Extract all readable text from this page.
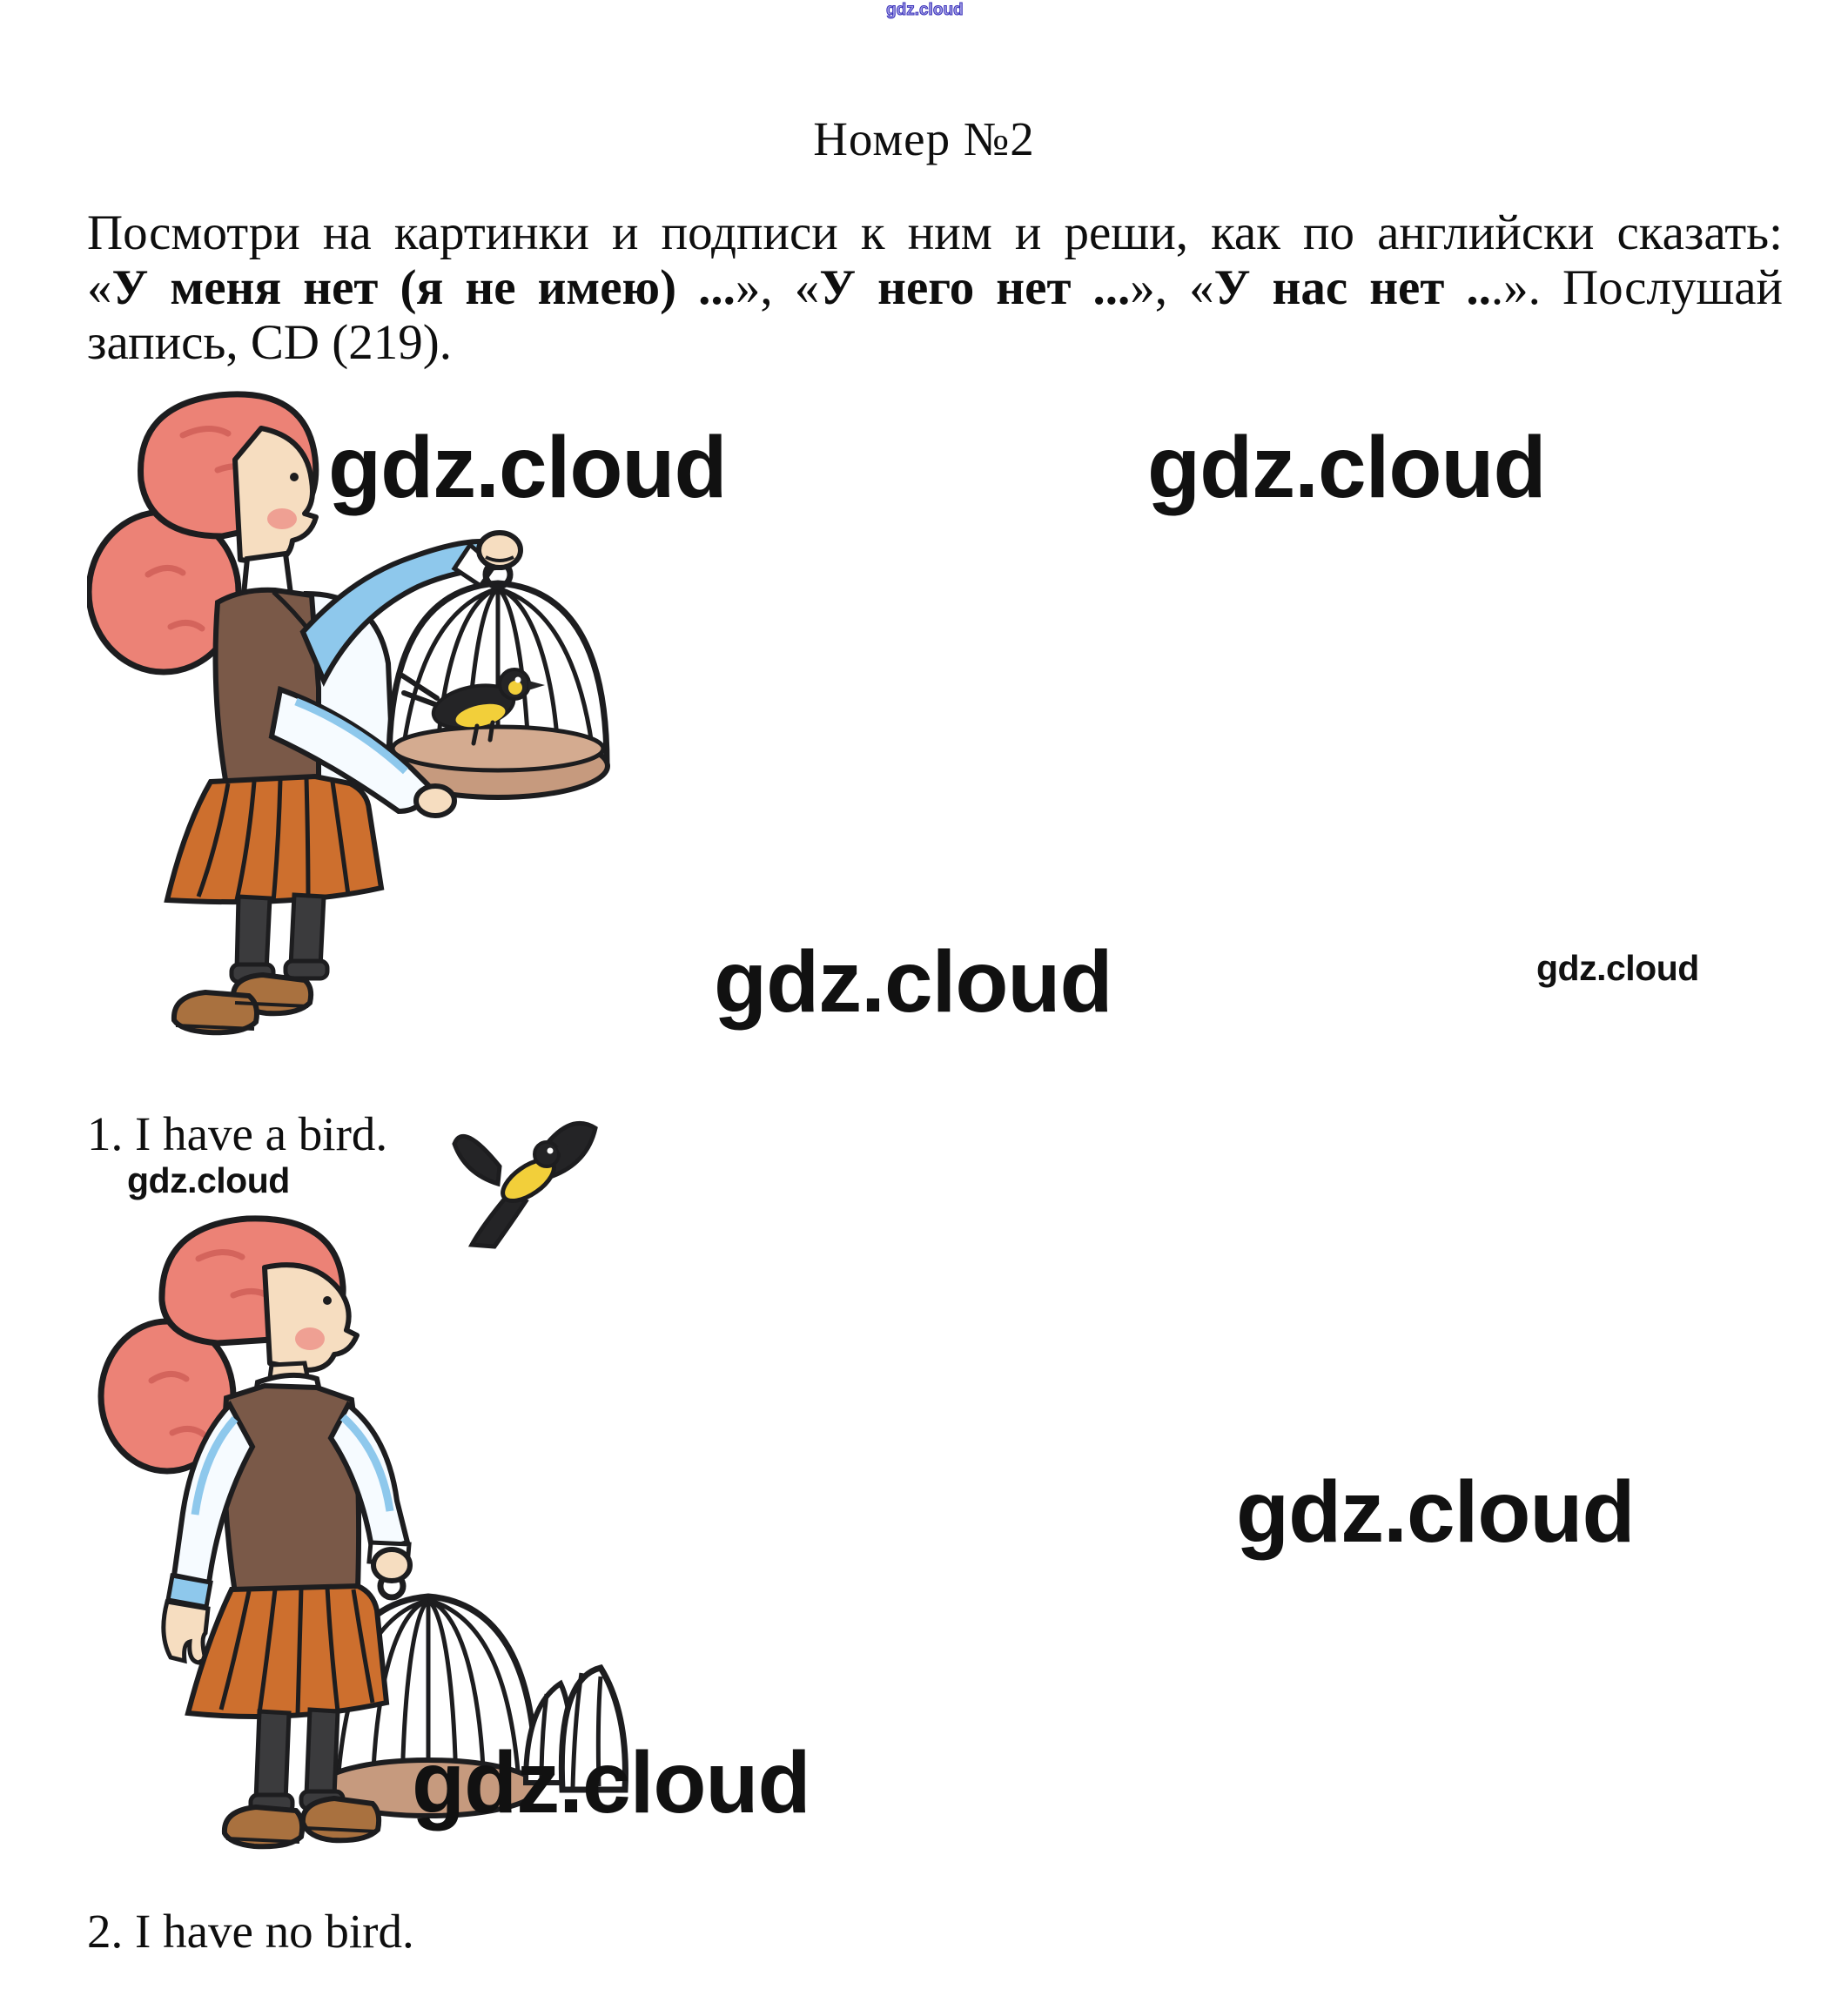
gdz.cloud
Номер №2

Посмотри на картинки и подписи к ним и реши, как по английски сказать:

«У меня нет (я не имею) ...», «У него нет ...», «У нас нет ...». Послушай

запись, CD (219).

1. I have a bird.

2. I have no bird.

gdz.cloud	gdz.cloud
gdz.cloud	gdz.cloud
gdz.cloud
gdz.cloud
gdz.cloud
